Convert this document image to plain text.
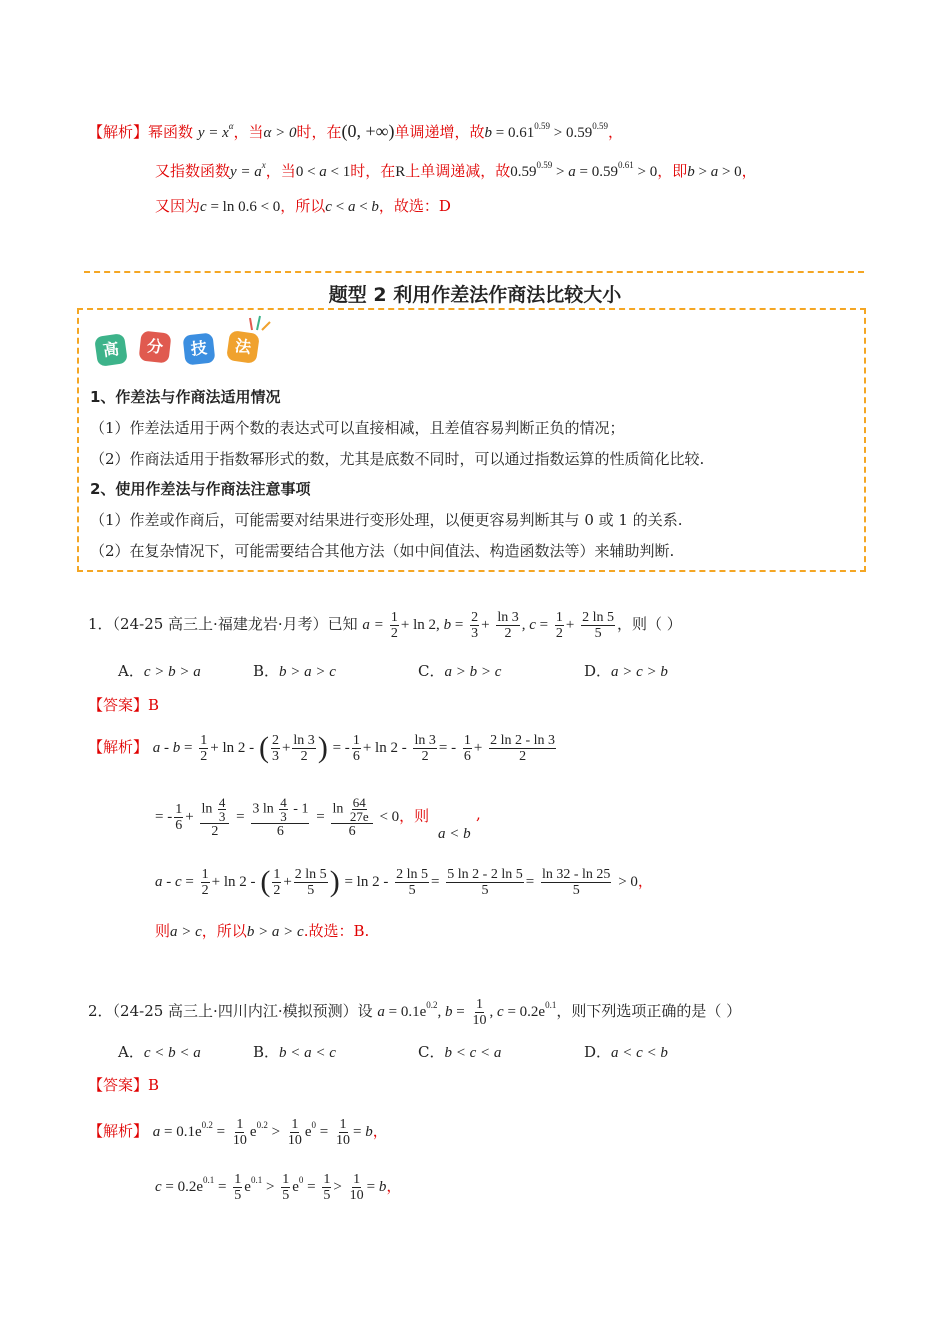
【解析】幂函数 $y = x^\alpha$，当α > 0时，在(0, +∞)单调递增，故$b = 0.61^{0.59} > 0.59^{0.59}$，
又指数函数$y = a^x$，当0 < a < 1时，在R上单调递减，故$0.59^{0.59} > a = 0.59^{0.61} > 0$，即b > a > 0，
又因为c = ln 0.6 < 0，所以c < a < b，故选：D
题型 2 利用作差法作商法比较大小
高	分	技	法
1、作差法与作商法适用情况
（1）作差法适用于两个数的表达式可以直接相减，且差值容易判断正负的情况；
（2）作商法适用于指数幂形式的数，尤其是底数不同时，可以通过指数运算的性质简化比较.
2、使用作差法与作商法注意事项
（1）作差或作商后，可能需要对结果进行变形处理，以便更容易判断其与 0 或 1 的关系.
（2）在复杂情况下，可能需要结合其他方法（如中间值法、构造函数法等）来辅助判断.
1．（24-25 高三上·福建龙岩·月考）已知 $a = \frac{1}{2} + \ln 2$, $b = \frac{2}{3} + \frac{\ln 3}{2}$ , $c = \frac{1}{2} + \frac{2 \ln 5}{5}$ ，则（ ）
A．c > b > a	B．b > a > c	C．a > b > c	D．a > c > b
【答案】B
【解析】 $a - b = \frac{1}{2} + \ln 2$ - ( $\frac{2}{3} + \frac{\ln 3}{2}$ ) = - $\frac{1}{6} + \ln 2 - \frac{\ln 3}{2}$ = - $\frac{1}{6} + \frac{2 \ln 2 - \ln 3}{2}$
= - $\frac{1}{6} + \frac{\ln \frac{4}{3}}{2} = \frac{3 \ln \frac{4}{3} - 1}{6} = \frac{\ln \frac{64}{27e}}{6} < 0$，则
a < b
,
$a - c = \frac{1}{2} + \ln 2$ - ( $\frac{1}{2} + \frac{2 \ln 5}{5}$ ) = $\ln 2 - \frac{2 \ln 5}{5} = \frac{5 \ln 2 - 2 \ln 5}{5} = \frac{\ln 32 - \ln 25}{5} > 0$，
则a > c，所以b > a > c.故选：B.
2．（24-25 高三上·四川内江·模拟预测）设 $a = 0.1e^{0.2}$, $b = \frac{1}{10}$ , $c = 0.2e^{0.1}$，则下列选项正确的是（ ）
A．c < b < a	B．b < a < c	C．b < c < a	D．a < c < b
【答案】B
【解析】 $a = 0.1e^{0.2} = \frac{1}{10} e^{0.2} > \frac{1}{10} e^0 = \frac{1}{10} = b$，
$c = 0.2e^{0.1} = \frac{1}{5} e^{0.1} > \frac{1}{5} e^0 = \frac{1}{5} > \frac{1}{10} = b$，
